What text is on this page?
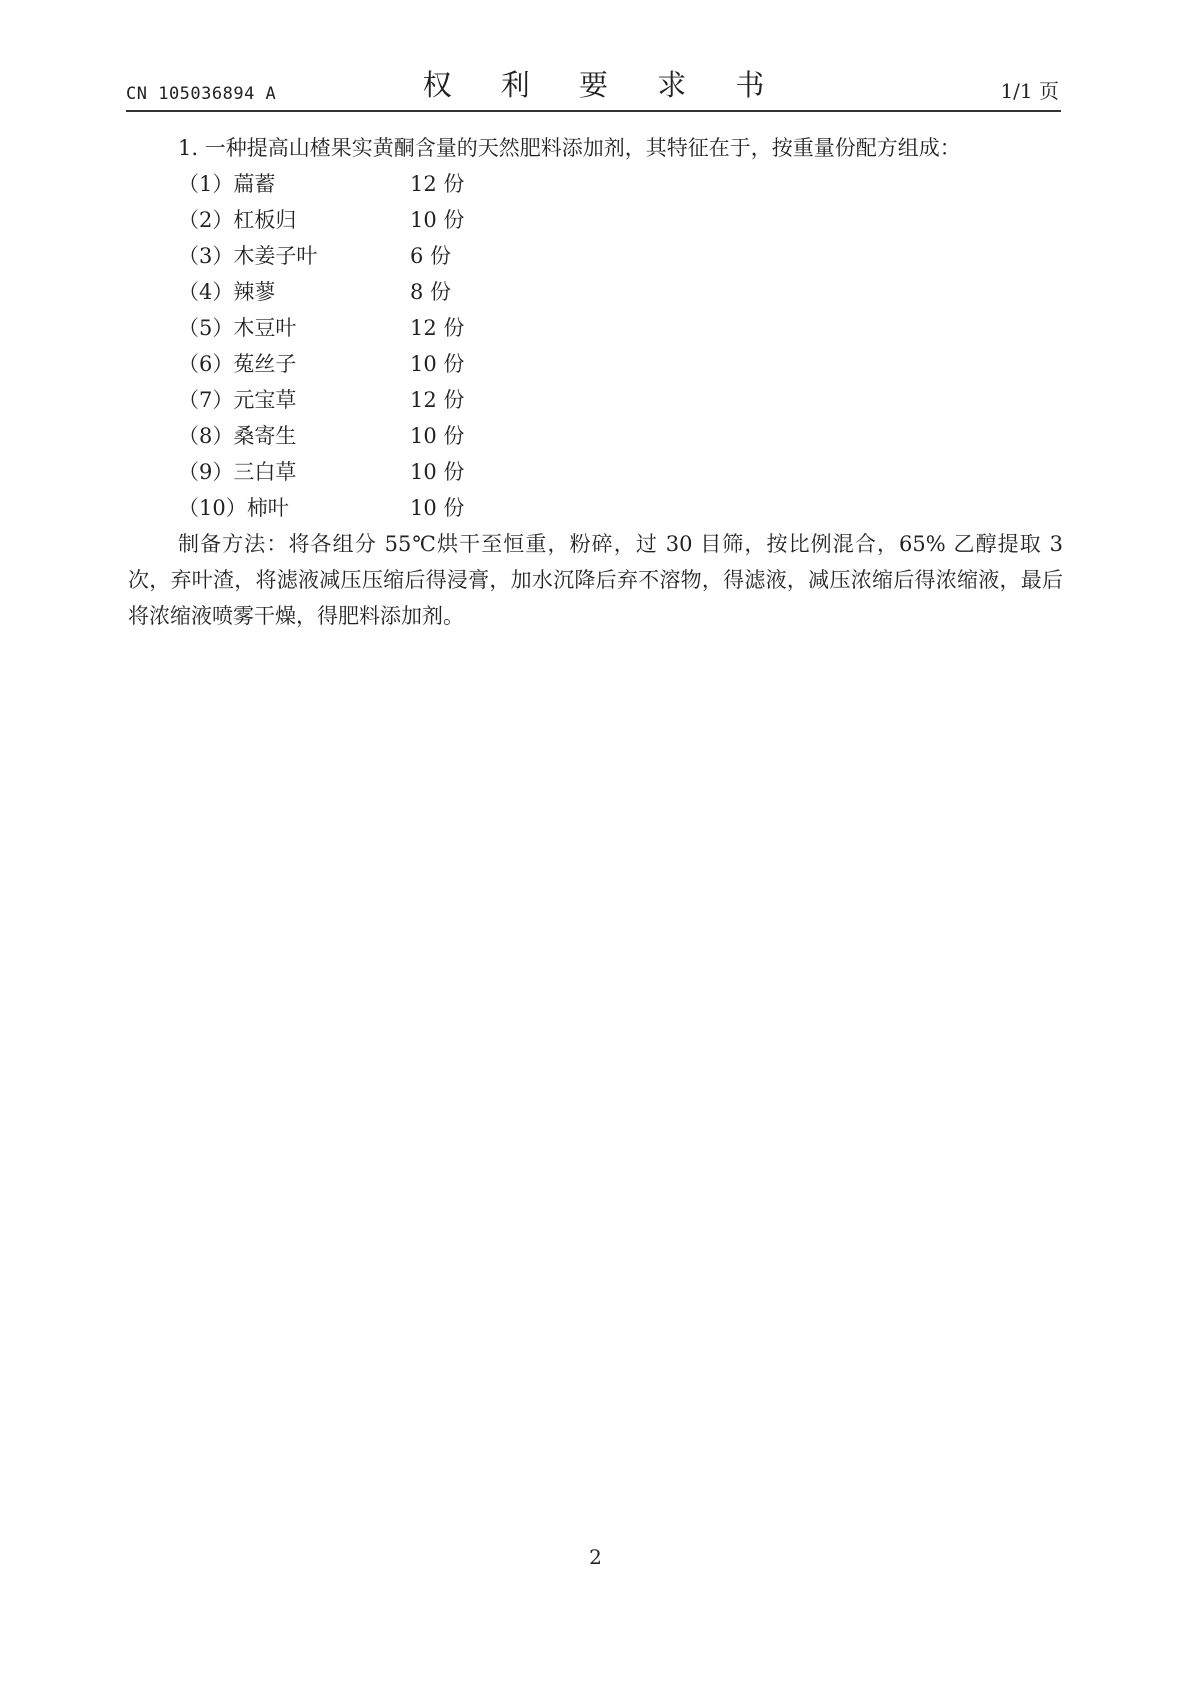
CN 105036894 A	权 利 要 求 书	1/1 页

1. 一种提高山楂果实黄酮含量的天然肥料添加剂，其特征在于，按重量份配方组成：

（1）萹蓄	12 份
（2）杠板归	10 份
（3）木姜子叶	6 份
（4）辣蓼	8 份
（5）木豆叶	12 份
（6）菟丝子	10 份
（7）元宝草	12 份
（8）桑寄生	10 份
（9）三白草	10 份
（10）柿叶	10 份

制备方法：将各组分 55℃烘干至恒重，粉碎，过 30 目筛，按比例混合，65% 乙醇提取 3 次，弃叶渣，将滤液减压压缩后得浸膏，加水沉降后弃不溶物，得滤液，减压浓缩后得浓缩液，最后将浓缩液喷雾干燥，得肥料添加剂。

2
